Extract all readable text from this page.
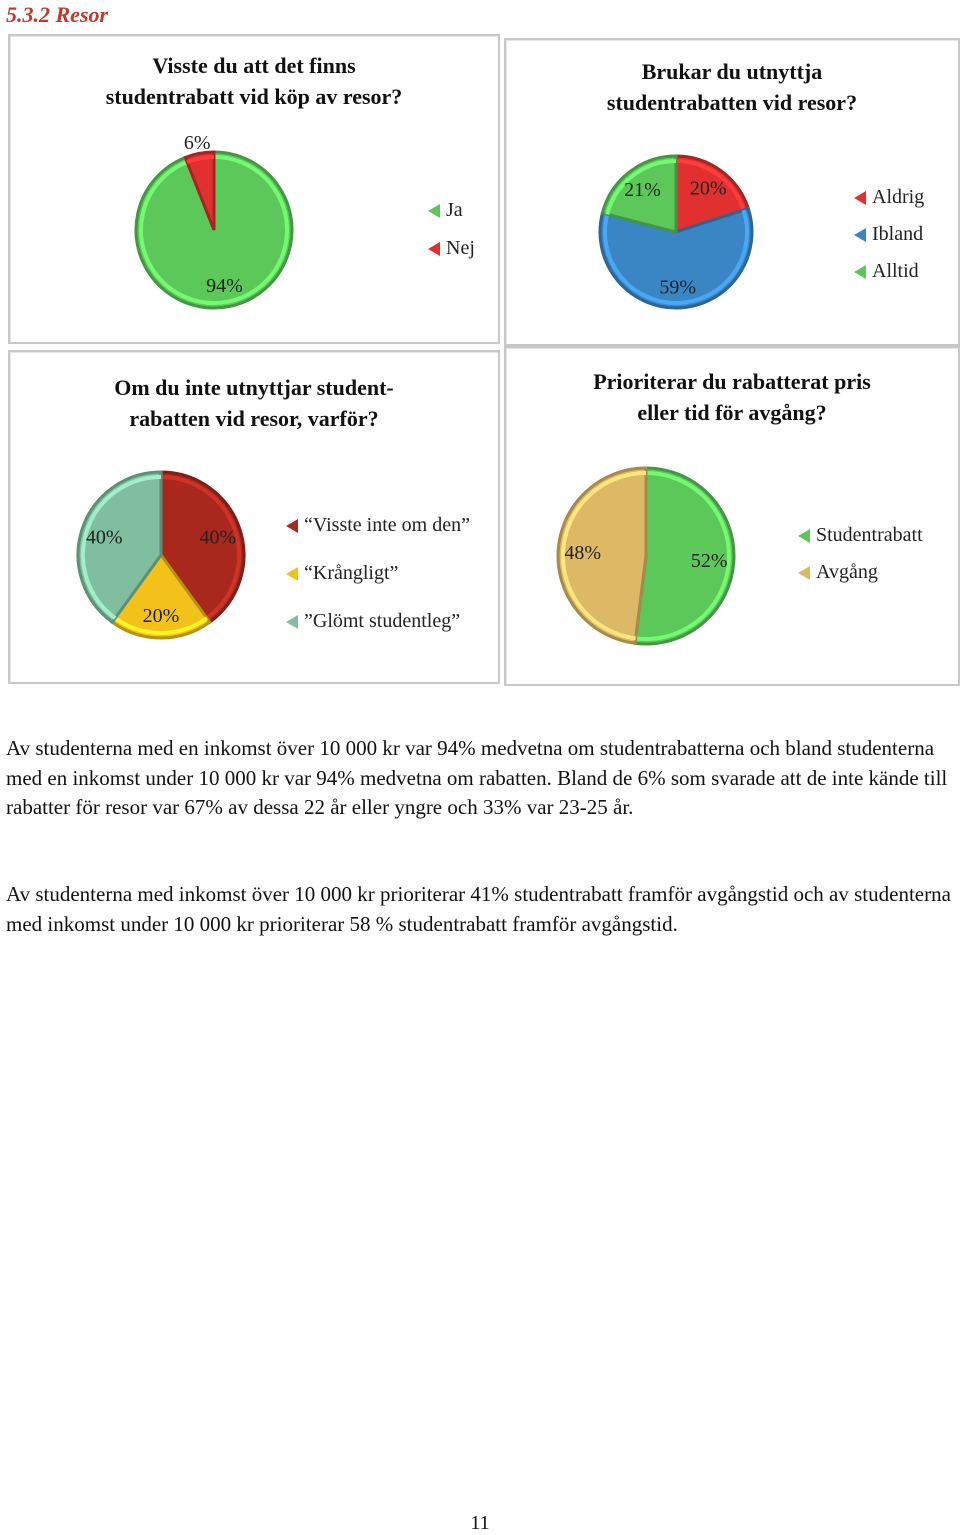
5.3.2 Resor
Visste du att det finns
studentrabatt vid köp av resor?
94%
6%
Ja
Nej
Brukar du utnyttja
studentrabatten vid resor?
20%
59%
21%	Aldrig
Ibland
Alltid
Om du inte utnyttjar student-
rabatten vid resor, varför?
40%
20%
40%
“Visste inte om den”
“Krångligt”
”Glömt studentleg”
Prioriterar du rabatterat pris
eller tid för avgång?
52%
48%
Studentrabatt
Avgång
Av studenterna med en inkomst över 10 000 kr var 94% medvetna om studentrabatterna och bland studenterna med en inkomst under 10 000 kr var 94% medvetna om rabatten. Bland de 6% som svarade att de inte kände till rabatter för resor var 67% av dessa 22 år eller yngre och 33% var 23-25 år.
Av studenterna med inkomst över 10 000 kr prioriterar 41% studentrabatt framför avgångstid och av studenterna med inkomst under 10 000 kr prioriterar 58 % studentrabatt framför avgångstid.
11
